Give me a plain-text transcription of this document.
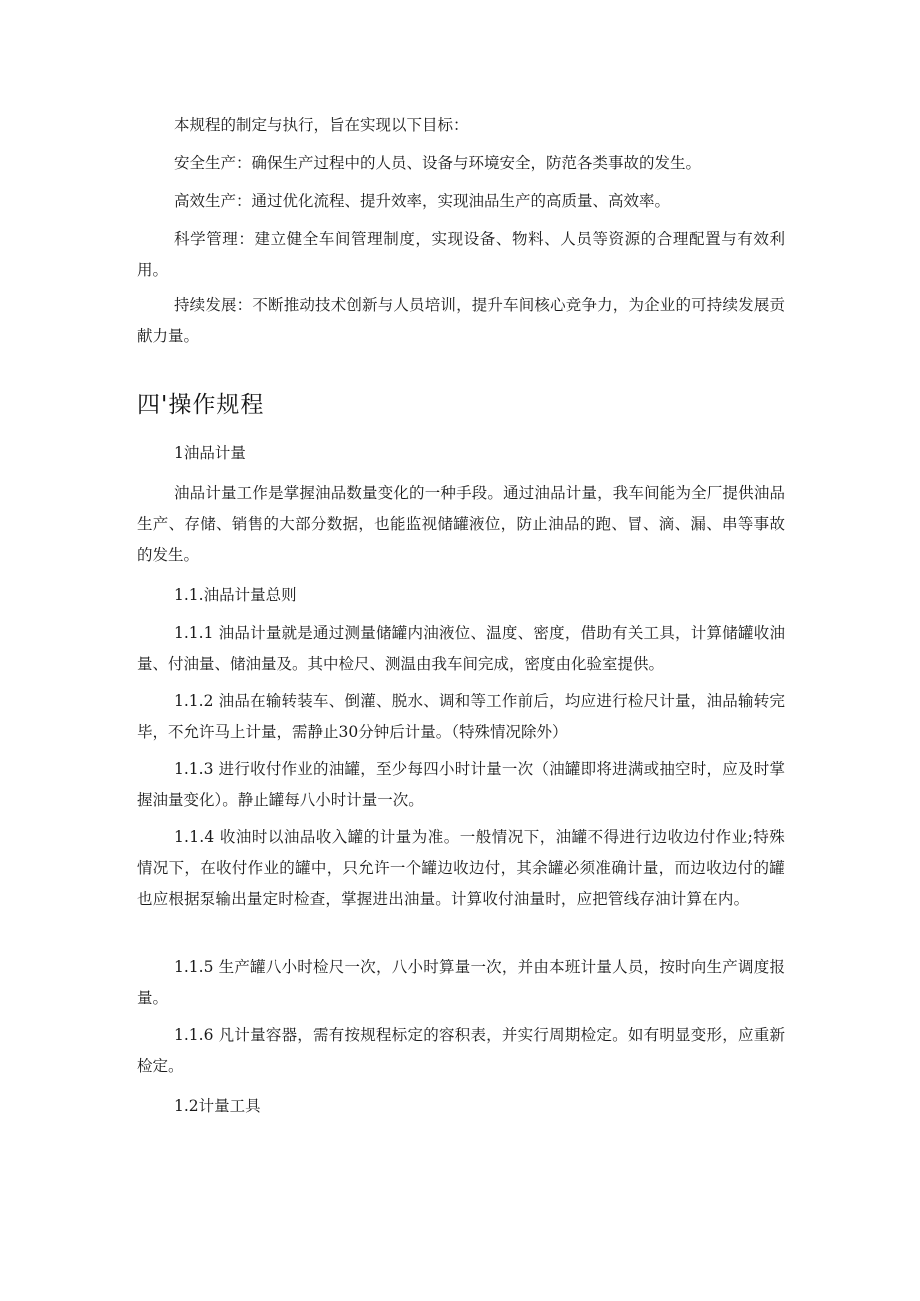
本规程的制定与执行，旨在实现以下目标：

安全生产：确保生产过程中的人员、设备与环境安全，防范各类事故的发生。

高效生产：通过优化流程、提升效率，实现油品生产的高质量、高效率。

科学管理：建立健全车间管理制度，实现设备、物料、人员等资源的合理配置与有效利用。

持续发展：不断推动技术创新与人员培训，提升车间核心竞争力，为企业的可持续发展贡献力量。

四'操作规程

1油品计量

油品计量工作是掌握油品数量变化的一种手段。通过油品计量，我车间能为全厂提供油品生产、存储、销售的大部分数据，也能监视储罐液位，防止油品的跑、冒、滴、漏、串等事故的发生。

1.1.油品计量总则

1.1.1 油品计量就是通过测量储罐内油液位、温度、密度，借助有关工具，计算储罐收油量、付油量、储油量及。其中检尺、测温由我车间完成，密度由化验室提供。

1.1.2 油品在输转装车、倒灌、脱水、调和等工作前后，均应进行检尺计量，油品输转完毕，不允许马上计量，需静止30分钟后计量。（特殊情况除外）

1.1.3 进行收付作业的油罐，至少每四小时计量一次（油罐即将进满或抽空时，应及时掌握油量变化）。静止罐每八小时计量一次。

1.1.4 收油时以油品收入罐的计量为准。一般情况下，油罐不得进行边收边付作业;特殊情况下，在收付作业的罐中，只允许一个罐边收边付，其余罐必须准确计量，而边收边付的罐也应根据泵输出量定时检查，掌握进出油量。计算收付油量时，应把管线存油计算在内。

1.1.5 生产罐八小时检尺一次，八小时算量一次，并由本班计量人员，按时向生产调度报量。

1.1.6 凡计量容器，需有按规程标定的容积表，并实行周期检定。如有明显变形，应重新检定。

1.2计量工具
